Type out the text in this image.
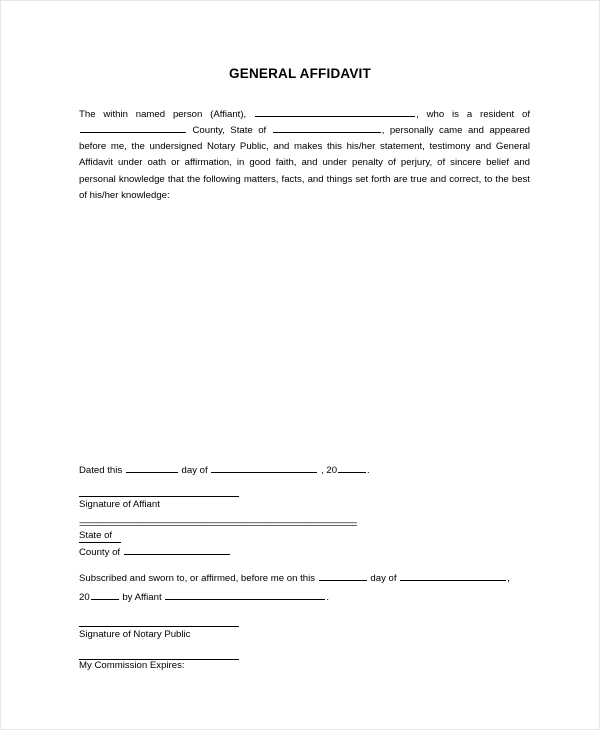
GENERAL AFFIDAVIT
The within named person (Affiant),	, who is a resident of
County, State of	, personally came and appeared
before me, the undersigned Notary Public, and makes this his/her statement, testimony and General
Affidavit under oath or affirmation, in good faith, and under penalty of perjury, of sincere belief and
personal knowledge that the following matters, facts, and things set forth are true and correct, to the best
of his/her knowledge:
Dated this	day of	, 20	.
Signature of Affiant
==================================================================
State of
County of
Subscribed and sworn to, or affirmed, before me on this	day of	,
20	by Affiant	.
Signature of Notary Public
My Commission Expires:
